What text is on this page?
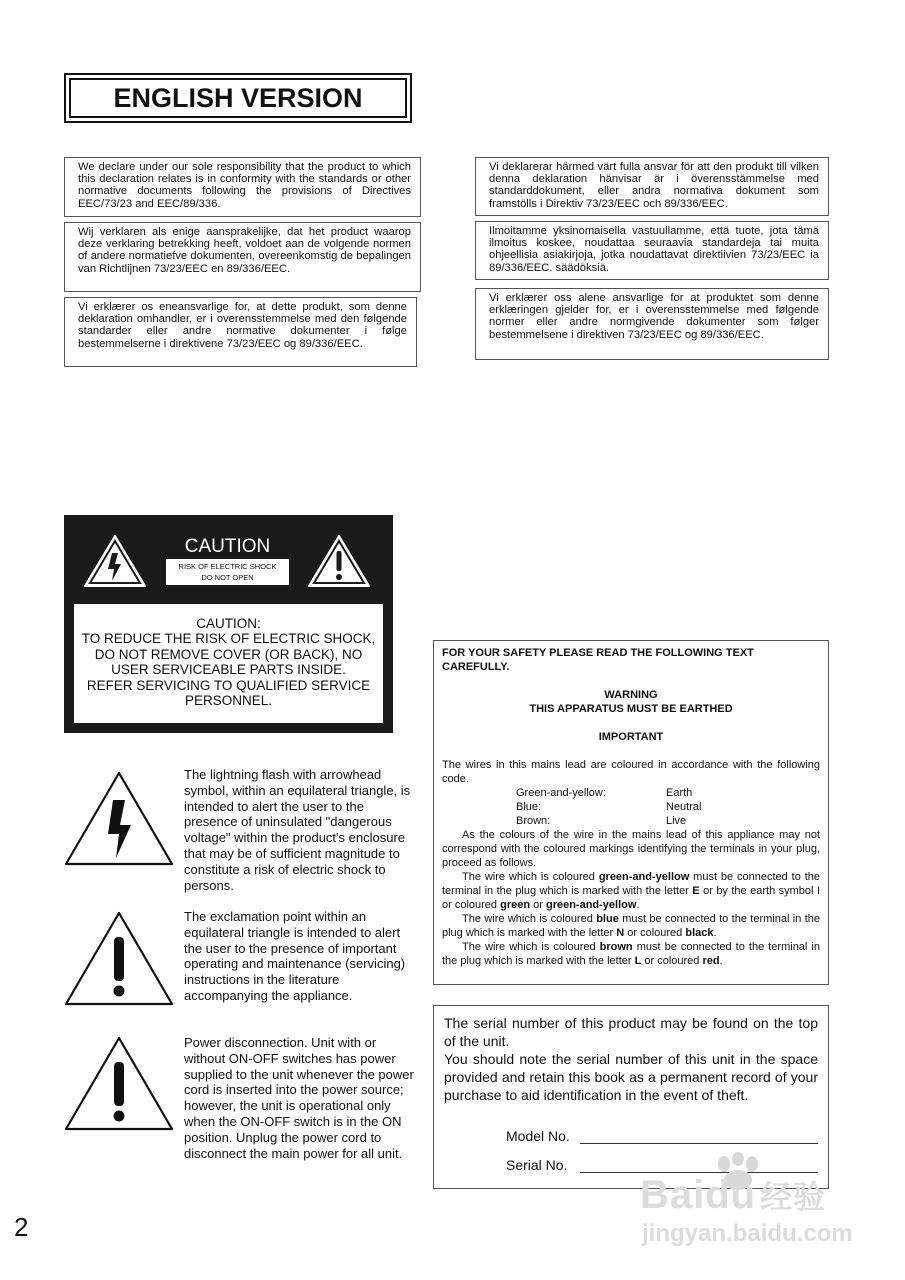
ENGLISH VERSION
We declare under our sole responsibility that the product to which this declaration relates is in conformity with the standards or other normative documents following the provisions of Directives EEC/73/23 and EEC/89/336.
Wij verklaren als enige aansprakelijke, dat het product waarop deze verklaring betrekking heeft, voldoet aan de volgende normen of andere normatiefve dokumenten, overeenkomstig de bepalingen van Richtlijnen 73/23/EEC en 89/336/EEC.
Vi erklærer os eneansvarlige for, at dette produkt, som denne deklaration omhandler, er i overensstemmelse med den følgende standarder eller andre normative dokumenter i følge bestemmelserne i direktivene 73/23/EEC og 89/336/EEC.
Vi deklarerar härmed värt fulla ansvar för att den produkt till vilken denna deklaration hänvisar är i överensstämmelse med standarddokument, eller andra normativa dokument som framstölls i Direktiv 73/23/EEC och 89/336/EEC.
Ilmoitamme yksinomaisella vastuullamme, että tuote, jota tämä ilmoitus koskee, noudattaa seuraavia standardeja tai muita ohjeellisia asiakirjoja, jotka noudattavat direktiivien 73/23/EEC ia 89/336/EEC. säädöksiä.
Vi erklærer oss alene ansvarlige for at produktet som denne erklæringen gjelder for, er i overensstemmelse med følgende normer eller andre normgivende dokumenter som følger bestemmelsene i direktiven 73/23/EEC og 89/336/EEC.
CAUTION
RISK OF ELECTRIC SHOCK
DO NOT OPEN
CAUTION:
TO REDUCE THE RISK OF ELECTRIC SHOCK,
DO NOT REMOVE COVER (OR BACK), NO
USER SERVICEABLE PARTS INSIDE.
REFER SERVICING TO QUALIFIED SERVICE
PERSONNEL.
The lightning flash with arrowhead symbol, within an equilateral triangle, is intended to alert the user to the presence of uninsulated "dangerous voltage" within the product's enclosure that may be of sufficient magnitude to constitute a risk of electric shock to persons.
The exclamation point within an equilateral triangle is intended to alert the user to the presence of important operating and maintenance (servicing) instructions in the literature accompanying the appliance.
Power disconnection. Unit with or without ON-OFF switches has power supplied to the unit whenever the power cord is inserted into the power source; however, the unit is operational only when the ON-OFF switch is in the ON position. Unplug the power cord to disconnect the main power for all unit.
FOR YOUR SAFETY PLEASE READ THE FOLLOWING TEXT CAREFULLY.
WARNING
THIS APPARATUS MUST BE EARTHED
IMPORTANT
The wires in this mains lead are coloured in accordance with the following code.
Green-and-yellow:	Earth
Blue:	Neutral
Brown:	Live
As the colours of the wire in the mains lead of this appliance may not correspond with the coloured markings identifying the terminals in your plug, proceed as follows.
The wire which is coloured green-and-yellow must be connected to the terminal in the plug which is marked with the letter E or by the earth symbol I or coloured green or green-and-yellow.
The wire which is coloured blue must be connected to the terminal in the plug which is marked with the letter N or coloured black.
The wire which is coloured brown must be connected to the terminal in the plug which is marked with the letter L or coloured red.
The serial number of this product may be found on the top of the unit.
You should note the serial number of this unit in the space provided and retain this book as a permanent record of your purchase to aid identification in the event of theft.
Model No.
Serial No.
Baidu 经验
jingyan.baidu.com
2
